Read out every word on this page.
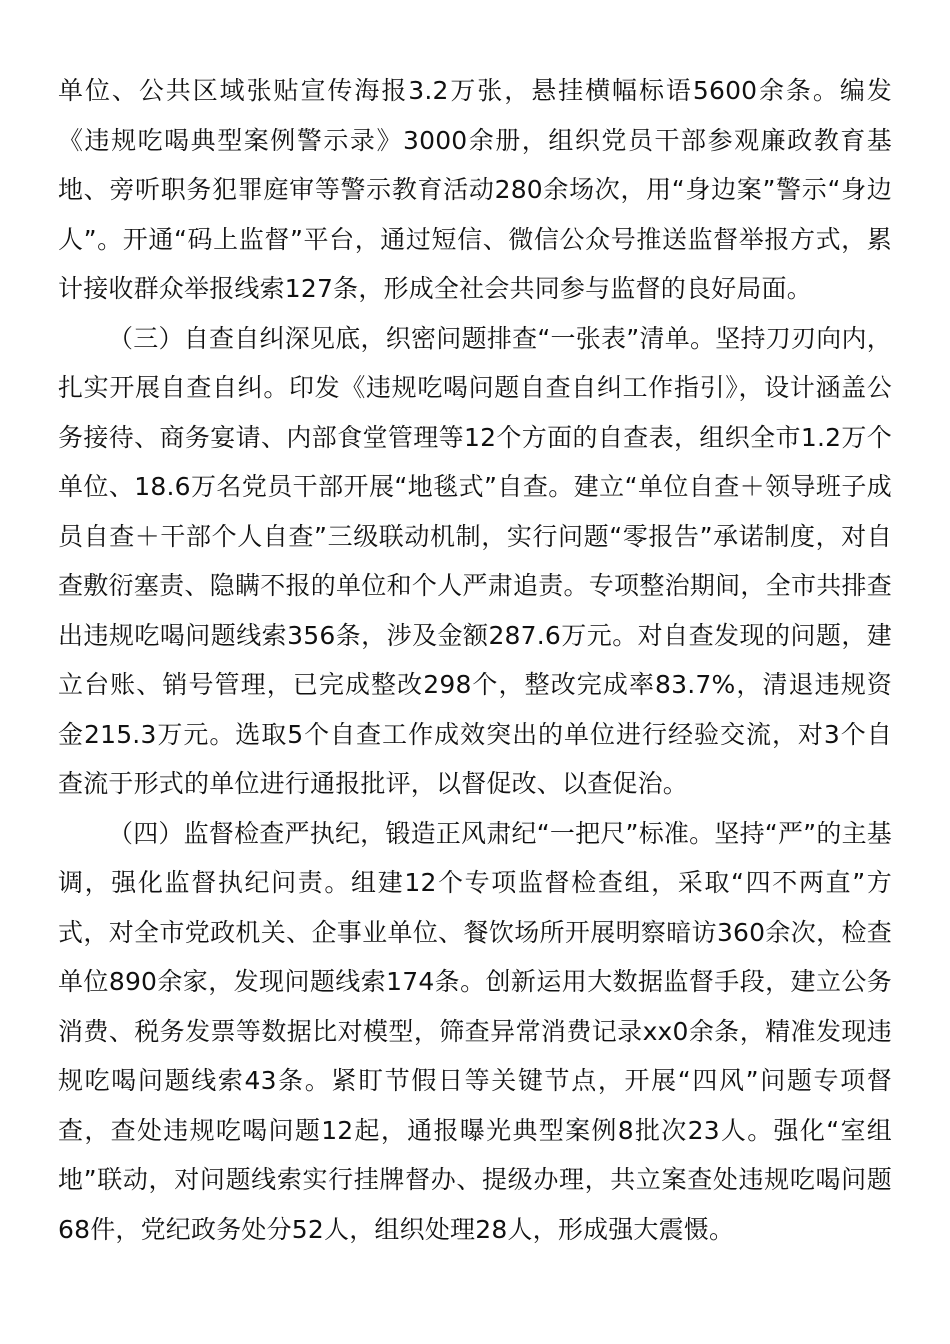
单位、公共区域张贴宣传海报3.2万张，悬挂横幅标语5600余条。编发《违规吃喝典型案例警示录》3000余册，组织党员干部参观廉政教育基地、旁听职务犯罪庭审等警示教育活动280余场次，用“身边案”警示“身边人”。开通“码上监督”平台，通过短信、微信公众号推送监督举报方式，累计接收群众举报线索127条，形成全社会共同参与监督的良好局面。

（三）自查自纠深见底，织密问题排查“一张表”清单。坚持刀刃向内，扎实开展自查自纠。印发《违规吃喝问题自查自纠工作指引》，设计涵盖公务接待、商务宴请、内部食堂管理等12个方面的自查表，组织全市1.2万个单位、18.6万名党员干部开展“地毯式”自查。建立“单位自查＋领导班子成员自查＋干部个人自查”三级联动机制，实行问题“零报告”承诺制度，对自查敷衍塞责、隐瞒不报的单位和个人严肃追责。专项整治期间，全市共排查出违规吃喝问题线索356条，涉及金额287.6万元。对自查发现的问题，建立台账、销号管理，已完成整改298个，整改完成率83.7%，清退违规资金215.3万元。选取5个自查工作成效突出的单位进行经验交流，对3个自查流于形式的单位进行通报批评，以督促改、以查促治。

（四）监督检查严执纪，锻造正风肃纪“一把尺”标准。坚持“严”的主基调，强化监督执纪问责。组建12个专项监督检查组，采取“四不两直”方式，对全市党政机关、企事业单位、餐饮场所开展明察暗访360余次，检查单位890余家，发现问题线索174条。创新运用大数据监督手段，建立公务消费、税务发票等数据比对模型，筛查异常消费记录xx0余条，精准发现违规吃喝问题线索43条。紧盯节假日等关键节点，开展“四风”问题专项督查，查处违规吃喝问题12起，通报曝光典型案例8批次23人。强化“室组地”联动，对问题线索实行挂牌督办、提级办理，共立案查处违规吃喝问题68件，党纪政务处分52人，组织处理28人，形成强大震慑。
